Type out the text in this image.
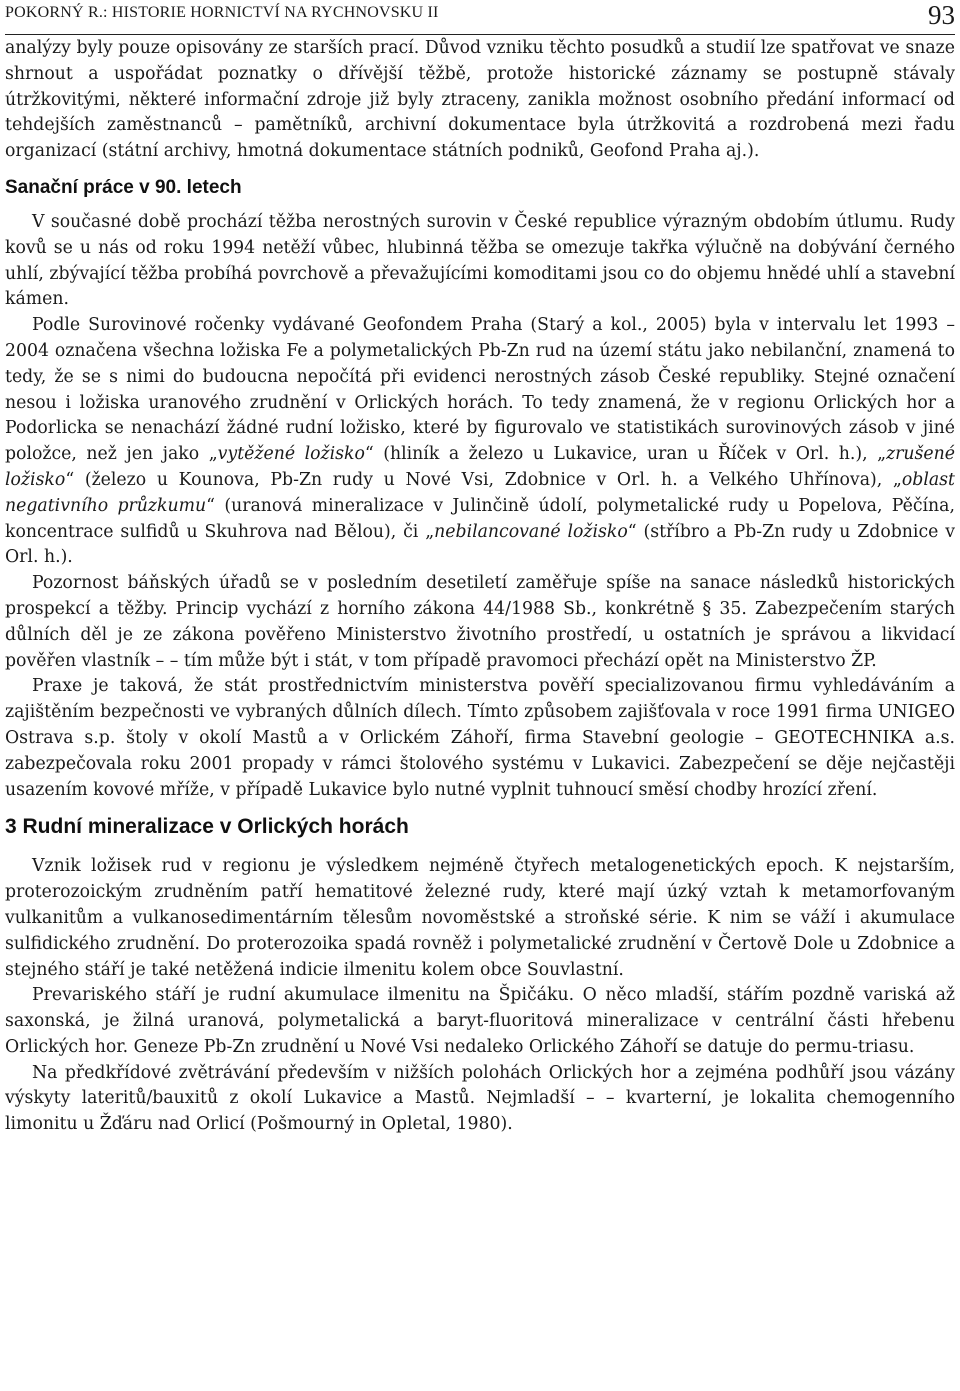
POKORNÝ R.: HISTORIE HORNICTVÍ NA RYCHNOVSKU II	93

analýzy byly pouze opisovány ze starších prací. Důvod vzniku těchto posudků a studií lze spatřovat ve snaze shrnout a uspořádat poznatky o dřívější těžbě, protože historické záznamy se postupně stávaly útržkovitými, některé informační zdroje již byly ztraceny, zanikla možnost osobního předání informací od tehdejších zaměstnanců – pamětníků, archivní dokumentace byla útržkovitá a rozdrobená mezi řadu organizací (státní archivy, hmotná dokumentace státních podniků, Geofond Praha aj.).

Sanační práce v 90. letech

V současné době prochází těžba nerostných surovin v České republice výrazným obdobím útlumu. Rudy kovů se u nás od roku 1994 netěží vůbec, hlubinná těžba se omezuje takřka výlučně na dobývání černého uhlí, zbývající těžba probíhá povrchově a převažujícími komoditami jsou co do objemu hnědé uhlí a stavební kámen.

Podle Surovinové ročenky vydávané Geofondem Praha (Starý a kol., 2005) byla v intervalu let 1993 – 2004 označena všechna ložiska Fe a polymetalických Pb-Zn rud na území státu jako nebilanční, znamená to tedy, že se s nimi do budoucna nepočítá při evidenci nerostných zásob České republiky. Stejné označení nesou i ložiska uranového zrudnění v Orlických horách. To tedy znamená, že v regionu Orlických hor a Podorlicka se nenachází žádné rudní ložisko, které by figurovalo ve statistikách surovinových zásob v jiné položce, než jen jako „vytěžené ložisko“ (hliník a železo u Lukavice, uran u Říček v Orl. h.), „zrušené ložisko“ (železo u Kounova, Pb-Zn rudy u Nové Vsi, Zdobnice v Orl. h. a Velkého Uhřínova), „oblast negativního průzkumu“ (uranová mineralizace v Julinčině údolí, polymetalické rudy u Popelova, Pěčína, koncentrace sulfidů u Skuhrova nad Bělou), či „nebilancované ložisko“ (stříbro a Pb-Zn rudy u Zdobnice v Orl. h.).

Pozornost báňských úřadů se v posledním desetiletí zaměřuje spíše na sanace následků historických prospekcí a těžby. Princip vychází z horního zákona 44/1988 Sb., konkrétně § 35. Zabezpečením starých důlních děl je ze zákona pověřeno Ministerstvo životního prostředí, u ostatních je správou a likvidací pověřen vlastník – – tím může být i stát, v tom případě pravomoci přechází opět na Ministerstvo ŽP.

Praxe je taková, že stát prostřednictvím ministerstva pověří specializovanou firmu vyhledáváním a zajištěním bezpečnosti ve vybraných důlních dílech. Tímto způsobem zajišťovala v roce 1991 firma UNIGEO Ostrava s.p. štoly v okolí Mastů a v Orlickém Záhoří, firma Stavební geologie – GEOTECHNIKA a.s. zabezpečovala roku 2001 propady v rámci štolového systému v Lukavici. Zabezpečení se děje nejčastěji usazením kovové mříže, v případě Lukavice bylo nutné vyplnit tuhnoucí směsí chodby hrozící zření.

3 Rudní mineralizace v Orlických horách

Vznik ložisek rud v regionu je výsledkem nejméně čtyřech metalogenetických epoch. K nejstarším, proterozoickým zrudněním patří hematitové železné rudy, které mají úzký vztah k metamorfovaným vulkanitům a vulkanosedimentárním tělesům novoměstské a stroňské série. K nim se váží i akumulace sulfidického zrudnění. Do proterozoika spadá rovněž i polymetalické zrudnění v Čertově Dole u Zdobnice a stejného stáří je také netěžená indicie ilmenitu kolem obce Souvlastní.

Prevariského stáří je rudní akumulace ilmenitu na Špičáku. O něco mladší, stářím pozdně variská až saxonská, je žilná uranová, polymetalická a baryt-fluoritová mineralizace v centrální části hřebenu Orlických hor. Geneze Pb-Zn zrudnění u Nové Vsi nedaleko Orlického Záhoří se datuje do permu-triasu.

Na předkřídové zvětrávání především v nižších polohách Orlických hor a zejména podhůří jsou vázány výskyty lateritů/bauxitů z okolí Lukavice a Mastů. Nejmladší – – kvarterní, je lokalita chemogenního limonitu u Žďáru nad Orlicí (Pošmourný in Opletal, 1980).
